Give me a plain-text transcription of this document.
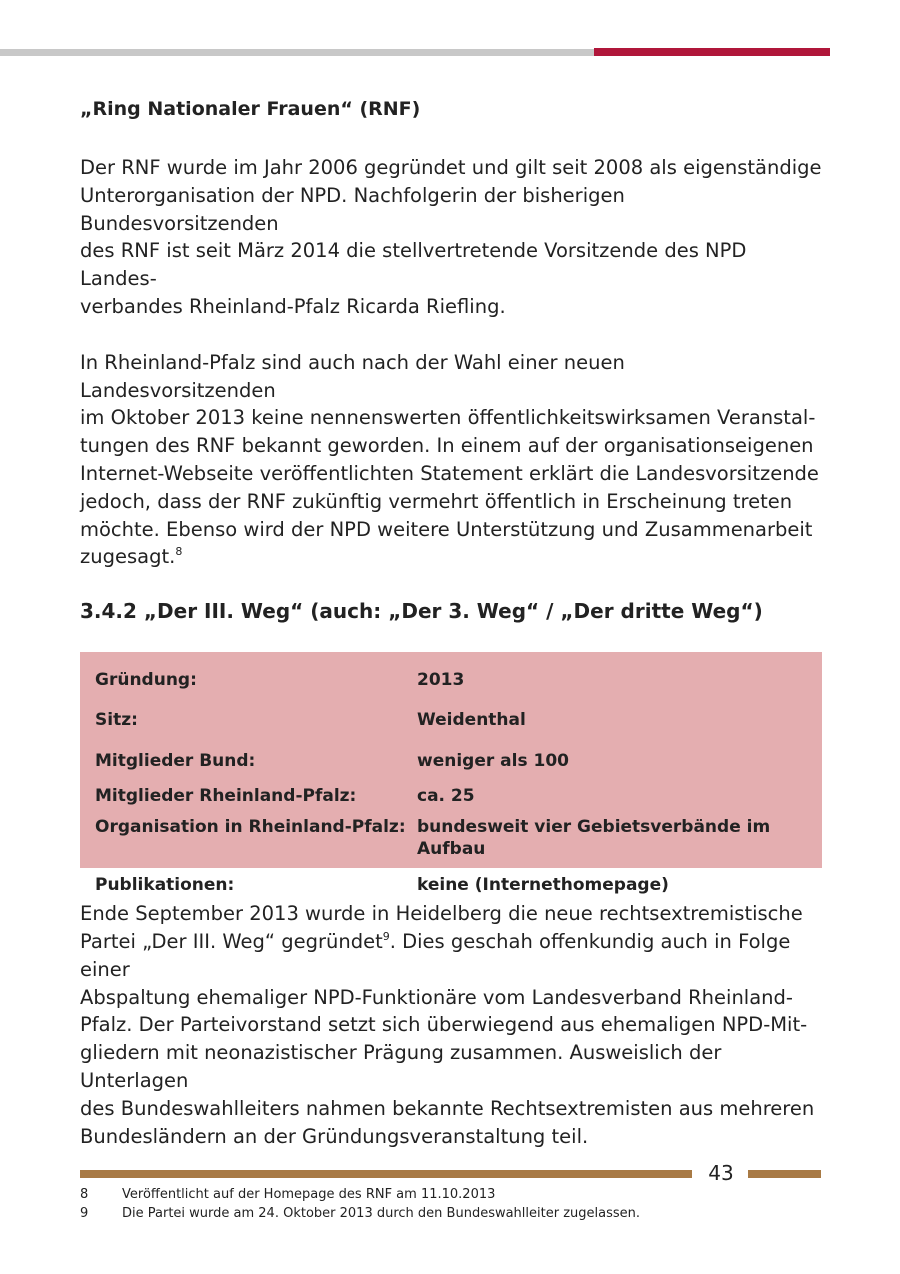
„Ring Nationaler Frauen“ (RNF)

Der RNF wurde im Jahr 2006 gegründet und gilt seit 2008 als eigenständige
Unterorganisation der NPD. Nachfolgerin der bisherigen Bundesvorsitzenden
des RNF ist seit März 2014 die stellvertretende Vorsitzende des NPD Landes-
verbandes Rheinland-Pfalz Ricarda Riefling.

In Rheinland-Pfalz sind auch nach der Wahl einer neuen Landesvorsitzenden
im Oktober 2013 keine nennenswerten öffentlichkeitswirksamen Veranstal-
tungen des RNF bekannt geworden. In einem auf der organisationseigenen
Internet-Webseite veröffentlichten Statement erklärt die Landesvorsitzende
jedoch, dass der RNF zukünftig vermehrt öffentlich in Erscheinung treten
möchte. Ebenso wird der NPD weitere Unterstützung und Zusammenarbeit
zugesagt.$^8$

3.4.2 „Der III. Weg“ (auch: „Der 3. Weg“ / „Der dritte Weg“)
Gründung:	2013
Sitz:	Weidenthal
Mitglieder Bund:	weniger als 100
Mitglieder Rheinland-Pfalz:	ca. 25
Organisation in Rheinland-Pfalz: bundesweit vier Gebietsverbände im Aufbau
Publikationen:	keine (Internethomepage)

Ende September 2013 wurde in Heidelberg die neue rechtsextremistische
Partei „Der III. Weg“ gegründet$^9$. Dies geschah offenkundig auch in Folge einer
Abspaltung ehemaliger NPD-Funktionäre vom Landesverband Rheinland-
Pfalz. Der Parteivorstand setzt sich überwiegend aus ehemaligen NPD-Mit-
gliedern mit neonazistischer Prägung zusammen. Ausweislich der Unterlagen
des Bundeswahlleiters nahmen bekannte Rechtsextremisten aus mehreren
Bundesländern an der Gründungsveranstaltung teil.

8	Veröffentlicht auf der Homepage des RNF am 11.10.2013
9	Die Partei wurde am 24. Oktober 2013 durch den Bundeswahlleiter zugelassen.
43
